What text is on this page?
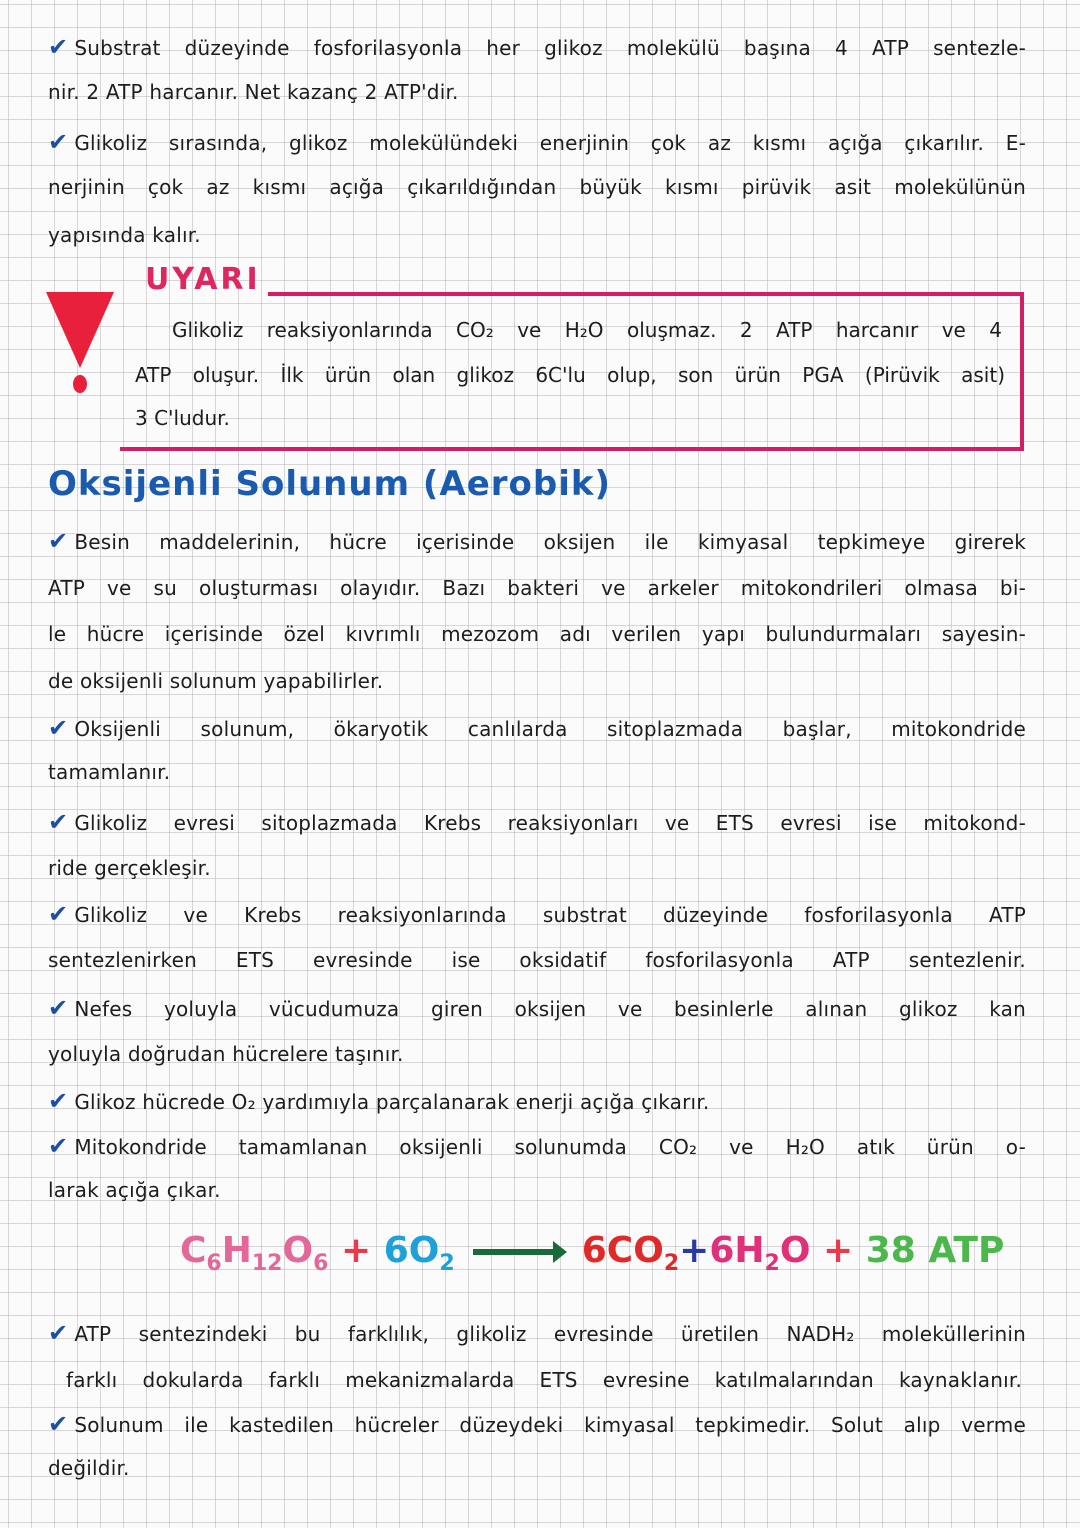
✔ Substrat düzeyinde fosforilasyonla her glikoz molekülü başına 4 ATP sentezle-
nir. 2 ATP harcanır. Net kazanç 2 ATP'dir.
✔ Glikoliz sırasında, glikoz molekülündeki enerjinin çok az kısmı açığa çıkarılır. E-
nerjinin çok az kısmı açığa çıkarıldığından büyük kısmı pirüvik asit molekülünün
yapısında kalır.
UYARI
Glikoliz reaksiyonlarında CO₂ ve H₂O oluşmaz. 2 ATP harcanır ve 4
ATP oluşur. İlk ürün olan glikoz 6C'lu olup, son ürün PGA (Pirüvik asit)
3 C'ludur.
Oksijenli Solunum (Aerobik)
✔ Besin maddelerinin, hücre içerisinde oksijen ile kimyasal tepkimeye girerek
ATP ve su oluşturması olayıdır. Bazı bakteri ve arkeler mitokondrileri olmasa bi-
le hücre içerisinde özel kıvrımlı mezozom adı verilen yapı bulundurmaları sayesin-
de oksijenli solunum yapabilirler.
✔ Oksijenli solunum, ökaryotik canlılarda sitoplazmada başlar, mitokondride
tamamlanır.
✔ Glikoliz evresi sitoplazmada Krebs reaksiyonları ve ETS evresi ise mitokond-
ride gerçekleşir.
✔ Glikoliz ve Krebs reaksiyonlarında substrat düzeyinde fosforilasyonla ATP
sentezlenirken ETS evresinde ise oksidatif fosforilasyonla ATP sentezlenir.
✔ Nefes yoluyla vücudumuza giren oksijen ve besinlerle alınan glikoz kan
yoluyla doğrudan hücrelere taşınır.
✔ Glikoz hücrede O₂ yardımıyla parçalanarak enerji açığa çıkarır.
✔ Mitokondride tamamlanan oksijenli solunumda CO₂ ve H₂O atık ürün o-
larak açığa çıkar.
$C_6H_{12}O_6 + 6O_2$	$6CO_2+6H_2O + 38$ ATP
✔ ATP sentezindeki bu farklılık, glikoliz evresinde üretilen NADH₂ moleküllerinin
farklı dokularda farklı mekanizmalarda ETS evresine katılmalarından kaynaklanır.
✔ Solunum ile kastedilen hücreler düzeydeki kimyasal tepkimedir. Solut alıp verme
değildir.
